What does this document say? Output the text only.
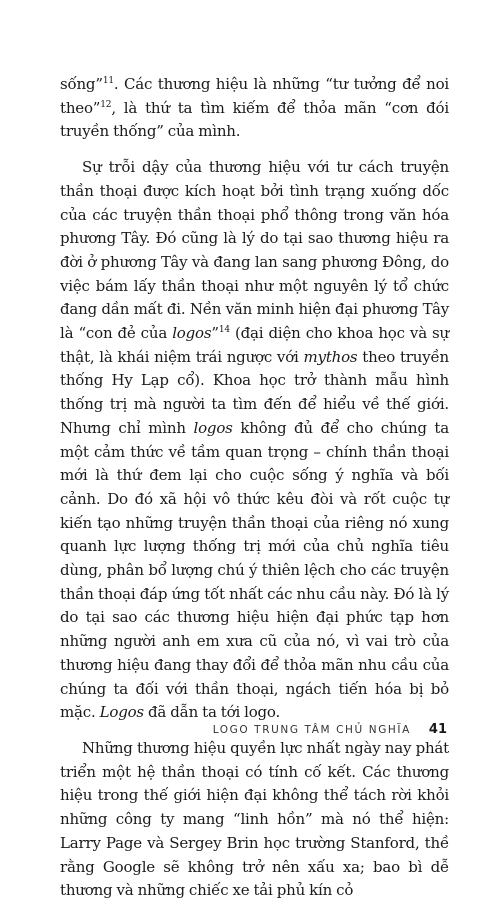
sống”$^{11}$. Các thương hiệu là những “tư tưởng để noi theo”$^{12}$, là thứ ta tìm kiếm để thỏa mãn “cơn đói truyền thống” của mình.

Sự trỗi dậy của thương hiệu với tư cách truyện thần thoại được kích hoạt bởi tình trạng xuống dốc của các truyện thần thoại phổ thông trong văn hóa phương Tây. Đó cũng là lý do tại sao thương hiệu ra đời ở phương Tây và đang lan sang phương Đông, do việc bám lấy thần thoại như một nguyên lý tổ chức đang dần mất đi. Nền văn minh hiện đại phương Tây là “con đẻ của logos”$^{14}$ (đại diện cho khoa học và sự thật, là khái niệm trái ngược với mythos theo truyền thống Hy Lạp cổ). Khoa học trở thành mẫu hình thống trị mà người ta tìm đến để hiểu về thế giới. Nhưng chỉ mình logos không đủ để cho chúng ta một cảm thức về tầm quan trọng – chính thần thoại mới là thứ đem lại cho cuộc sống ý nghĩa và bối cảnh. Do đó xã hội vô thức kêu đòi và rốt cuộc tự kiến tạo những truyện thần thoại của riêng nó xung quanh lực lượng thống trị mới của chủ nghĩa tiêu dùng, phân bổ lượng chú ý thiên lệch cho các truyện thần thoại đáp ứng tốt nhất các nhu cầu này. Đó là lý do tại sao các thương hiệu hiện đại phức tạp hơn những người anh em xưa cũ của nó, vì vai trò của thương hiệu đang thay đổi để thỏa mãn nhu cầu của chúng ta đối với thần thoại, ngách tiến hóa bị bỏ mặc. Logos đã dẫn ta tới logo.

Những thương hiệu quyền lực nhất ngày nay phát triển một hệ thần thoại có tính cố kết. Các thương hiệu trong thế giới hiện đại không thể tách rời khỏi những công ty mang “linh hồn” mà nó thể hiện: Larry Page và Sergey Brin học trường Stanford, thề rằng Google sẽ không trở nên xấu xa; bao bì dễ thương và những chiếc xe tải phủ kín cỏ

LOGO TRUNG TÂM CHỦ NGHĨA 41
